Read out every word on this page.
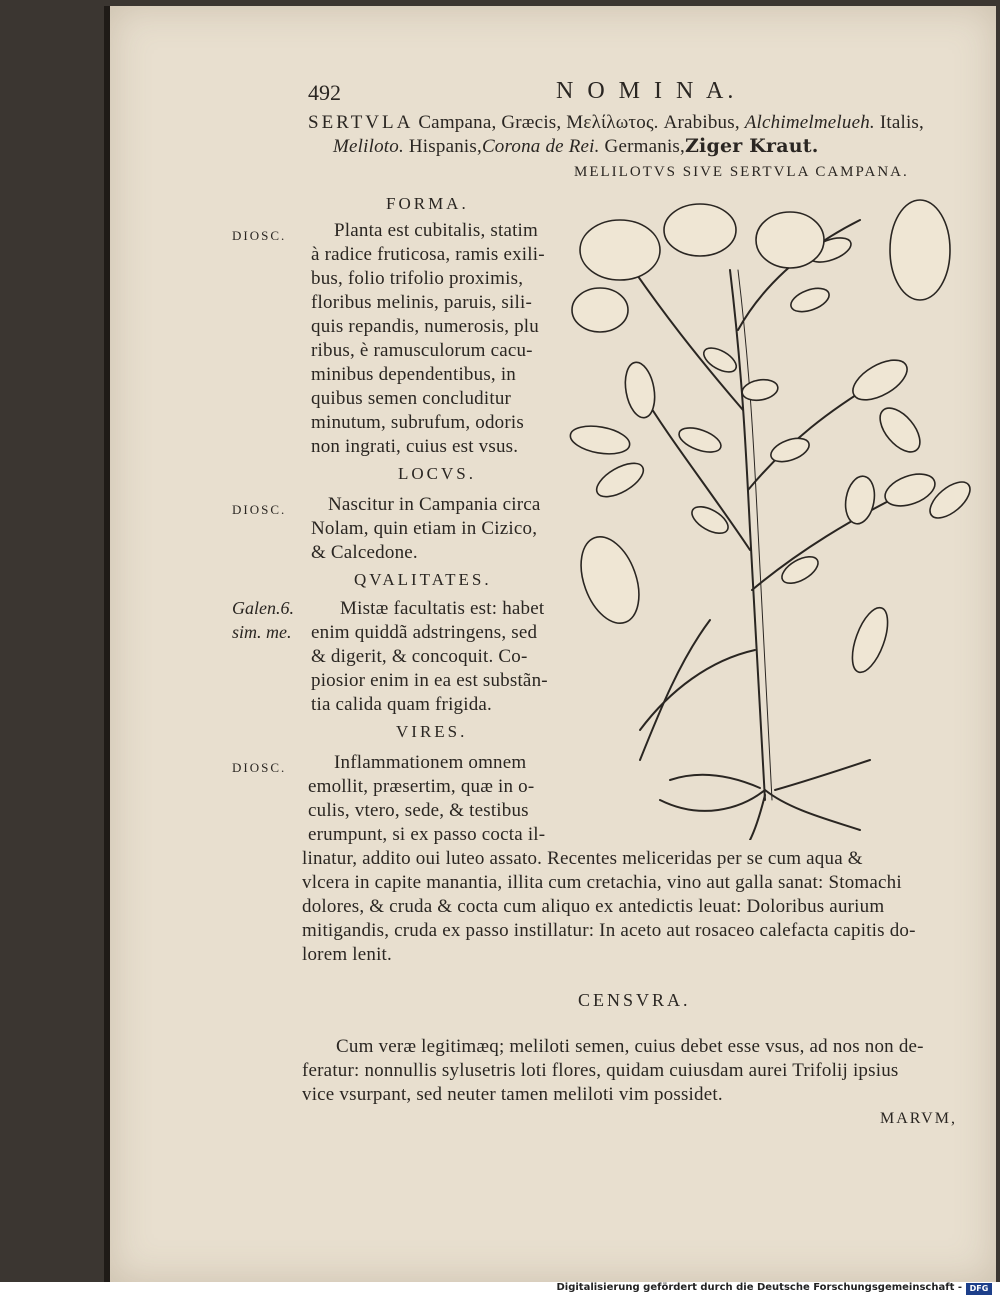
492	N O M I N A.
SERTVLA Campana, Græcis, Μελίλωτος. Arabibus, Alchimelmelueh. Italis,
Meliloto. Hispanis,Corona de Rei. Germanis,Ziger Kraut.
MELILOTVS SIVE SERTVLA CAMPANA.
FORMA.
DIOSC.	Planta est cubitalis, statim
à radice fruticosa, ramis exili-
bus, folio trifolio proximis,
floribus melinis, paruis, sili-
quis repandis, numerosis, plu
ribus, è ramusculorum cacu-
minibus dependentibus, in
quibus semen concluditur
minutum, subrufum, odoris
non ingrati, cuius est vsus.
LOCVS.
DIOSC. Nascitur in Campania circa
Nolam, quin etiam in Cizico,
& Calcedone.
QVALITATES.
Galen.6.
sim. me.
Mistæ facultatis est: habet
enim quiddã adstringens, sed
& digerit, & concoquit. Co-
piosior enim in ea est substãn-
tia calida quam frigida.
VIRES.
DIOSC.	Inflammationem omnem
emollit, præsertim, quæ in o-
culis, vtero, sede, & testibus
erumpunt, si ex passo cocta il-
linatur, addito oui luteo assato. Recentes meliceridas per se cum aqua &
vlcera in capite manantia, illita cum cretachia, vino aut galla sanat: Stomachi
dolores, & cruda & cocta cum aliquo ex antedictis leuat: Doloribus aurium
mitigandis, cruda ex passo instillatur: In aceto aut rosaceo calefacta capitis do-
lorem lenit.
CENSVRA.
Cum veræ legitimæq; meliloti semen, cuius debet esse vsus, ad nos non de-
feratur: nonnullis sylusetris loti flores, quidam cuiusdam aurei Trifolij ipsius
vice vsurpant, sed neuter tamen meliloti vim possidet.
MARVM,
Digitalisierung gefördert durch die Deutsche Forschungsgemeinschaft - DFG
